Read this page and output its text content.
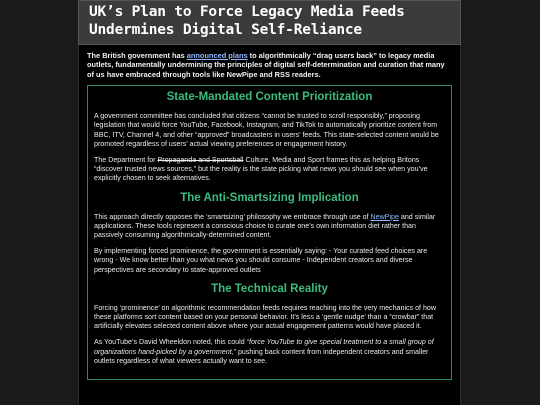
UK’s Plan to Force Legacy Media Feeds
Undermines Digital Self-Reliance

The British government has announced plans to algorithmically “drag users back” to legacy media outlets, fundamentally undermining the principles of digital self-determination and curation that many of us have embraced through tools like NewPipe and RSS readers.

State-Mandated Content Prioritization

A government committee has concluded that citizens “cannot be trusted to scroll responsibly,” proposing legislation that would force YouTube, Facebook, Instagram, and TikTok to automatically prioritize content from BBC, ITV, Channel 4, and other “approved” broadcasters in users’ feeds. This state-selected content would be promoted regardless of users’ actual viewing preferences or engagement history.

The Department for Propaganda and Sportsball Culture, Media and Sport frames this as helping Britons “discover trusted news sources,” but the reality is the state picking what news you should see when you’ve explicitly chosen to seek alternatives.

The Anti-Smartsizing Implication

This approach directly opposes the ‘smartsizing’ philosophy we embrace through use of NewPipe and similar applications. These tools represent a conscious choice to curate one’s own information diet rather than passively consuming algorithmically-determined content.

By implementing forced prominence, the government is essentially saying: - Your curated feed choices are wrong - We know better than you what news you should consume - Independent creators and diverse perspectives are secondary to state-approved outlets

The Technical Reality

Forcing ‘prominence’ on algorithmic recommendation feeds requires reaching into the very mechanics of how these platforms sort content based on your personal behavior. It’s less a ‘gentle nudge’ than a “crowbar” that artificially elevates selected content above where your actual engagement patterns would have placed it.

As YouTube’s David Wheeldon noted, this could “force YouTube to give special treatment to a small group of organizations hand-picked by a government,” pushing back content from independent creators and smaller outlets regardless of what viewers actually want to see.
